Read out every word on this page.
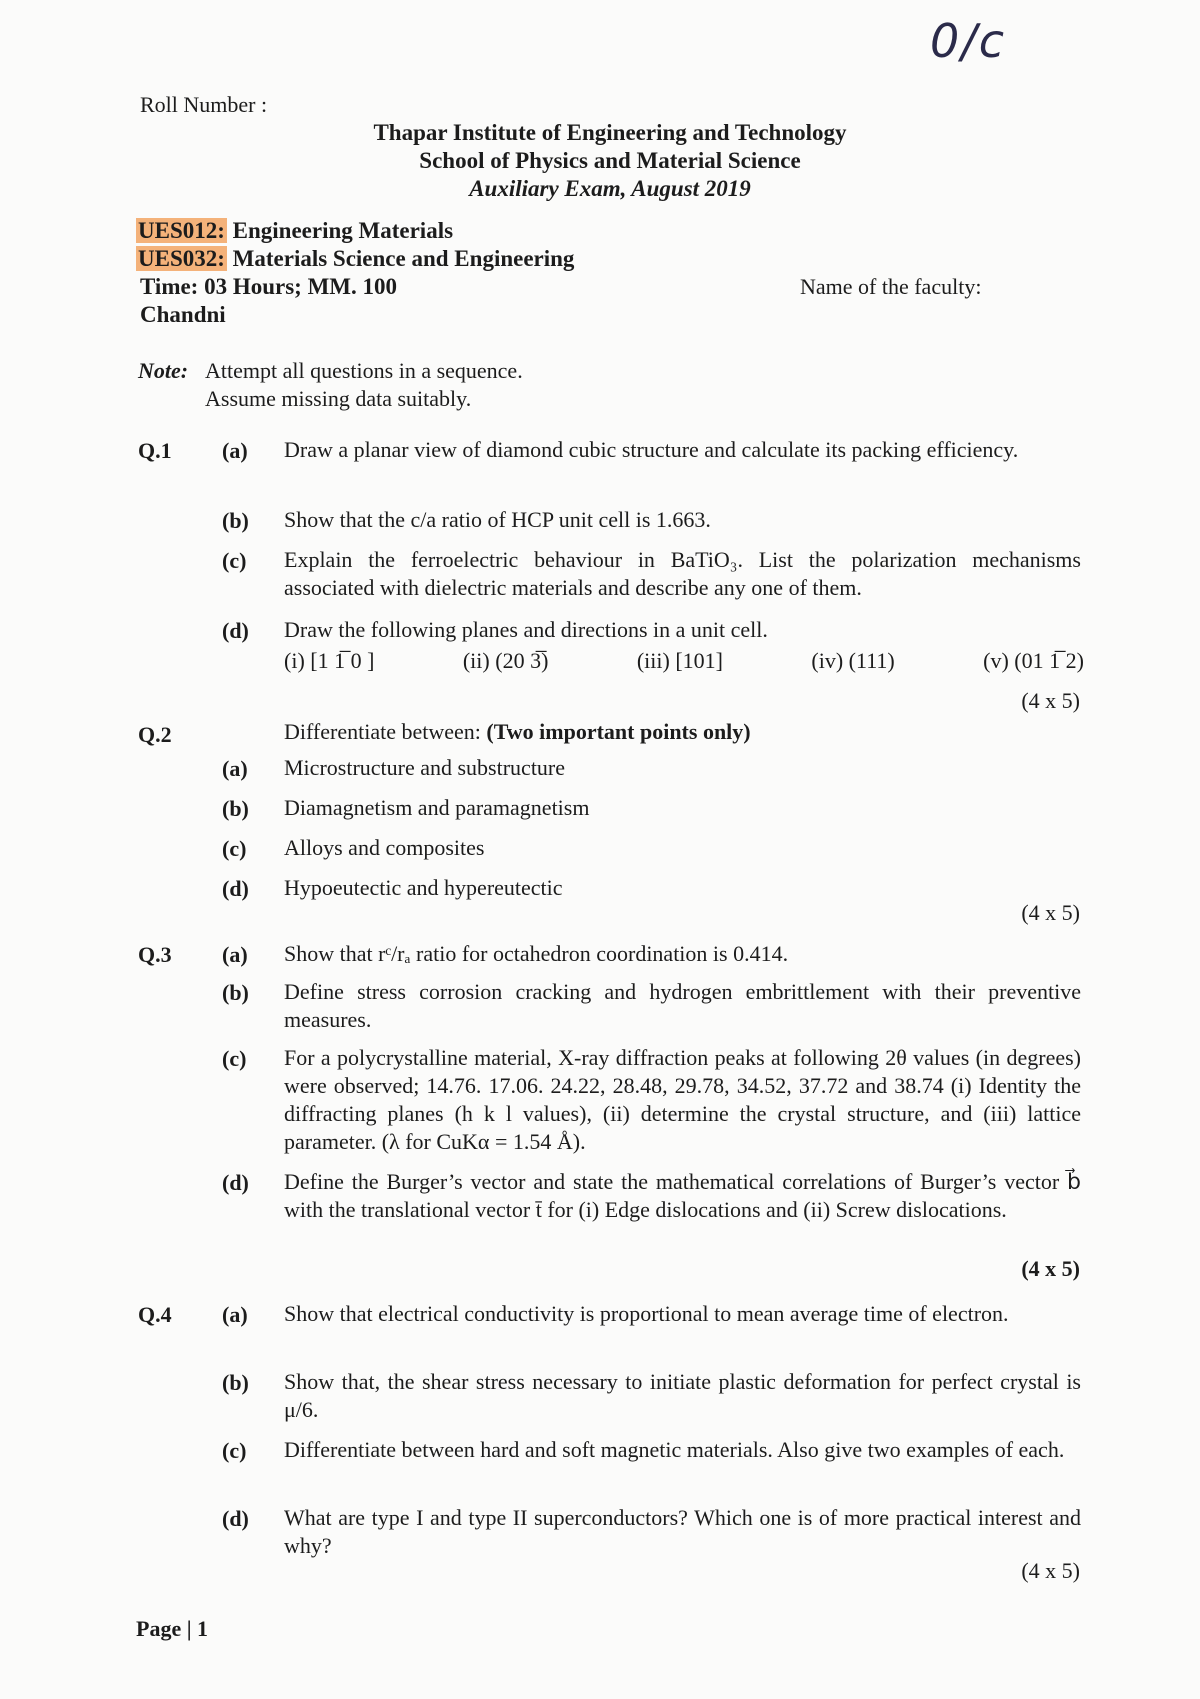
0/c
Roll Number :
Thapar Institute of Engineering and Technology
School of Physics and Material Science
Auxiliary Exam, August 2019
UES012: Engineering Materials
UES032: Materials Science and Engineering
Time: 03 Hours; MM. 100
Chandni
Name of the faculty:
Note: Attempt all questions in a sequence.
Assume missing data suitably.
Q.1 (a) Draw a planar view of diamond cubic structure and calculate its packing efficiency.
(b) Show that the c/a ratio of HCP unit cell is 1.663.
(c) Explain the ferroelectric behaviour in BaTiO₃. List the polarization mechanisms associated with dielectric materials and describe any one of them.
(d) Draw the following planes and directions in a unit cell.
(i) [1 1̅ 0 ]	(ii) (20 3̅)	(iii) [101]	(iv) (111)	(v) (01 1̅ 2)
(4 x 5)
Q.2	Differentiate between: (Two important points only)
(a) Microstructure and substructure
(b) Diamagnetism and paramagnetism
(c) Alloys and composites
(d) Hypoeutectic and hypereutectic
(4 x 5)
Q.3 (a) Show that rᶜ/rₐ ratio for octahedron coordination is 0.414.
(b) Define stress corrosion cracking and hydrogen embrittlement with their preventive measures.
(c) For a polycrystalline material, X-ray diffraction peaks at following 2θ values (in degrees) were observed; 14.76. 17.06. 24.22, 28.48, 29.78, 34.52, 37.72 and 38.74 (i) Identity the diffracting planes (h k l values), (ii) determine the crystal structure, and (iii) lattice parameter. (λ for CuKα = 1.54 Å).
(d) Define the Burger’s vector and state the mathematical correlations of Burger’s vector b⃗ with the translational vector t̄ for (i) Edge dislocations and (ii) Screw dislocations.
(4 x 5)
Q.4 (a) Show that electrical conductivity is proportional to mean average time of electron.
(b) Show that, the shear stress necessary to initiate plastic deformation for perfect crystal is μ/6.
(c) Differentiate between hard and soft magnetic materials. Also give two examples of each.
(d) What are type I and type II superconductors? Which one is of more practical interest and why?
(4 x 5)
Page | 1
